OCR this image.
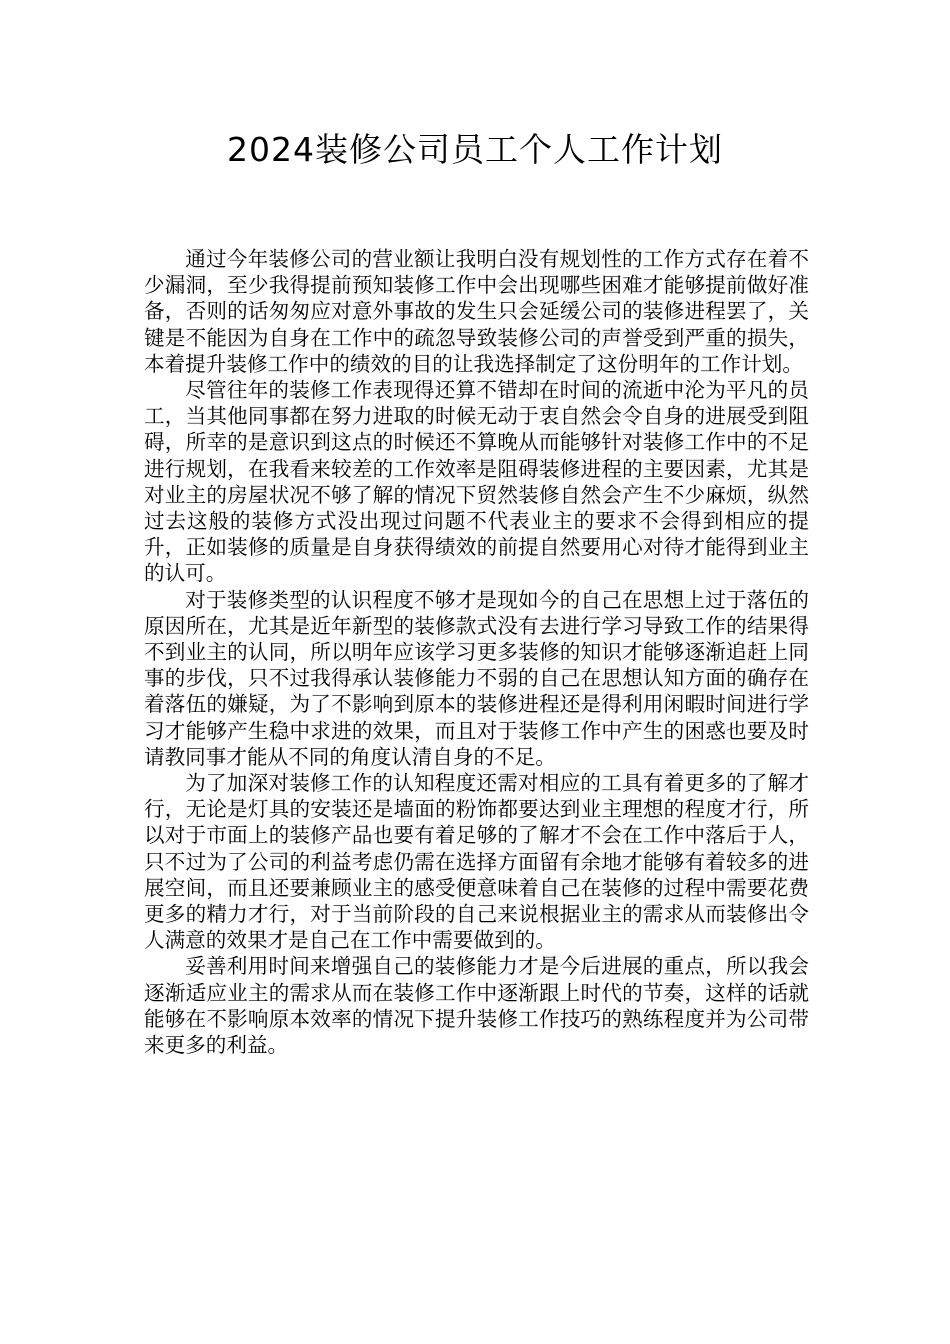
2024装修公司员工个人工作计划

通过今年装修公司的营业额让我明白没有规划性的工作方式存在着不少漏洞，至少我得提前预知装修工作中会出现哪些困难才能够提前做好准备，否则的话匆匆应对意外事故的发生只会延缓公司的装修进程罢了，关键是不能因为自身在工作中的疏忽导致装修公司的声誉受到严重的损失，本着提升装修工作中的绩效的目的让我选择制定了这份明年的工作计划。

尽管往年的装修工作表现得还算不错却在时间的流逝中沦为平凡的员工，当其他同事都在努力进取的时候无动于衷自然会令自身的进展受到阻碍，所幸的是意识到这点的时候还不算晚从而能够针对装修工作中的不足进行规划，在我看来较差的工作效率是阻碍装修进程的主要因素，尤其是对业主的房屋状况不够了解的情况下贸然装修自然会产生不少麻烦，纵然过去这般的装修方式没出现过问题不代表业主的要求不会得到相应的提升，正如装修的质量是自身获得绩效的前提自然要用心对待才能得到业主的认可。

对于装修类型的认识程度不够才是现如今的自己在思想上过于落伍的原因所在，尤其是近年新型的装修款式没有去进行学习导致工作的结果得不到业主的认同，所以明年应该学习更多装修的知识才能够逐渐追赶上同事的步伐，只不过我得承认装修能力不弱的自己在思想认知方面的确存在着落伍的嫌疑，为了不影响到原本的装修进程还是得利用闲暇时间进行学习才能够产生稳中求进的效果，而且对于装修工作中产生的困惑也要及时请教同事才能从不同的角度认清自身的不足。

为了加深对装修工作的认知程度还需对相应的工具有着更多的了解才行，无论是灯具的安装还是墙面的粉饰都要达到业主理想的程度才行，所以对于市面上的装修产品也要有着足够的了解才不会在工作中落后于人，只不过为了公司的利益考虑仍需在选择方面留有余地才能够有着较多的进展空间，而且还要兼顾业主的感受便意味着自己在装修的过程中需要花费更多的精力才行，对于当前阶段的自己来说根据业主的需求从而装修出令人满意的效果才是自己在工作中需要做到的。

妥善利用时间来增强自己的装修能力才是今后进展的重点，所以我会逐渐适应业主的需求从而在装修工作中逐渐跟上时代的节奏，这样的话就能够在不影响原本效率的情况下提升装修工作技巧的熟练程度并为公司带来更多的利益。
